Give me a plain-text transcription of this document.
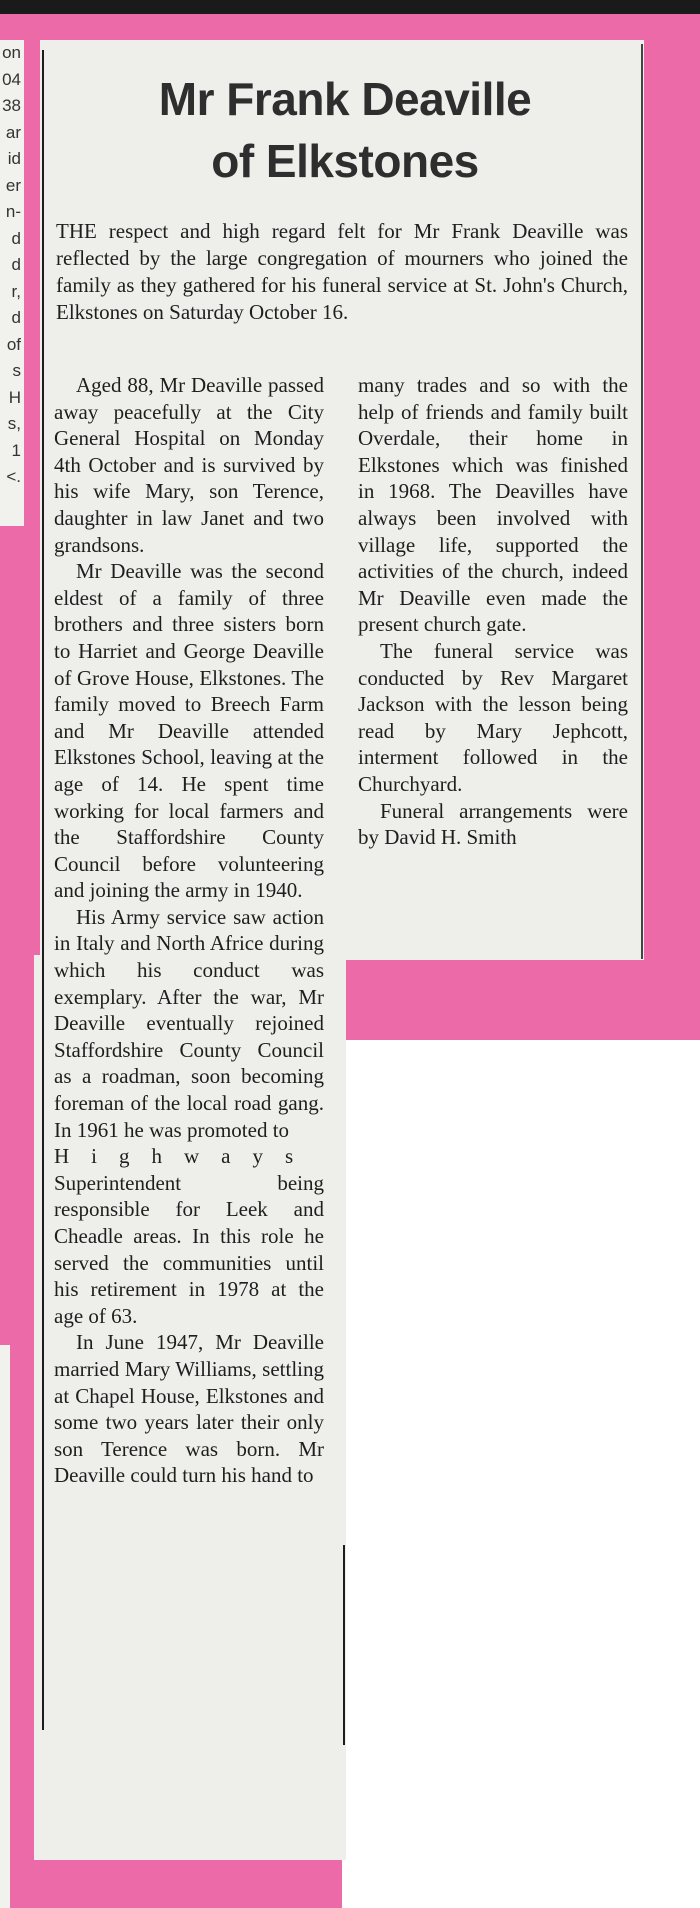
on
04
38
ar
id
er
n-
d
d
r,
d
of
s
H
s,
1
<.
Mr Frank Deaville
of Elkstones
THE respect and high regard felt for Mr Frank Deaville was reflected by the large congregation of mourners who joined the family as they gathered for his funeral service at St. John's Church, Elkstones on Saturday October 16.

Aged 88, Mr Deaville passed away peacefully at the City General Hospital on Monday 4th October and is survived by his wife Mary, son Terence, daughter in law Janet and two grandsons.

Mr Deaville was the second eldest of a family of three brothers and three sisters born to Harriet and George Deaville of Grove House, Elkstones. The family moved to Breech Farm and Mr Deaville attended Elkstones School, leaving at the age of 14. He spent time working for local farmers and the Staffordshire County Council before volunteering and joining the army in 1940.

His Army service saw action in Italy and North Africe during which his conduct was exemplary. After the war, Mr Deaville eventually rejoined Staffordshire County Council as a roadman, soon becoming foreman of the local road gang. In 1961 he was promoted to

Highways

Superintendent being responsible for Leek and Cheadle areas. In this role he served the communities until his retirement in 1978 at the age of 63.

In June 1947, Mr Deaville married Mary Williams, settling at Chapel House, Elkstones and some two years later their only son Terence was born. Mr Deaville could turn his hand to

many trades and so with the help of friends and family built Overdale, their home in Elkstones which was finished in 1968. The Deavilles have always been involved with village life, supported the activities of the church, indeed Mr Deaville even made the present church gate.

The funeral service was conducted by Rev Margaret Jackson with the lesson being read by Mary Jephcott, interment followed in the Churchyard.

Funeral arrangements were by David H. Smith
